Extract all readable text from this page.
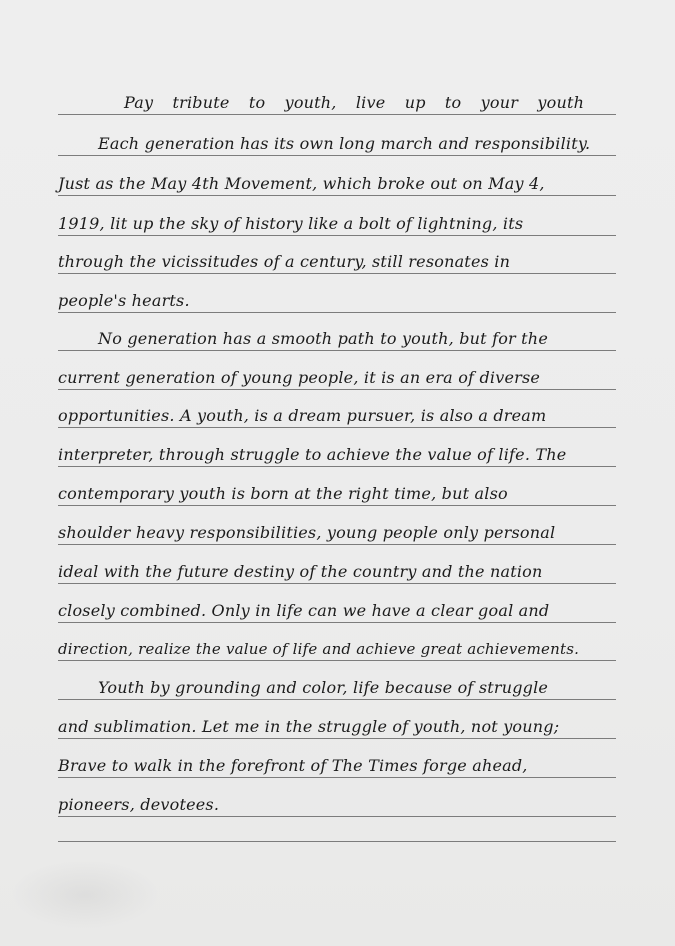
Pay tribute to youth, live up to your youth
Each generation has its own long march and responsibility.
Just as the May 4th Movement, which broke out on May 4,
1919, lit up the sky of history like a bolt of lightning, its
through the vicissitudes of a century, still resonates in
people's hearts.
No generation has a smooth path to youth, but for the
current generation of young people, it is an era of diverse
opportunities. A youth, is a dream pursuer, is also a dream
interpreter, through struggle to achieve the value of life. The
contemporary youth is born at the right time, but also
shoulder heavy responsibilities, young people only personal
ideal with the future destiny of the country and the nation
closely combined. Only in life can we have a clear goal and
direction, realize the value of life and achieve great achievements.
Youth by grounding and color, life because of struggle
and sublimation. Let me in the struggle of youth, not young;
Brave to walk in the forefront of The Times forge ahead,
pioneers, devotees.
